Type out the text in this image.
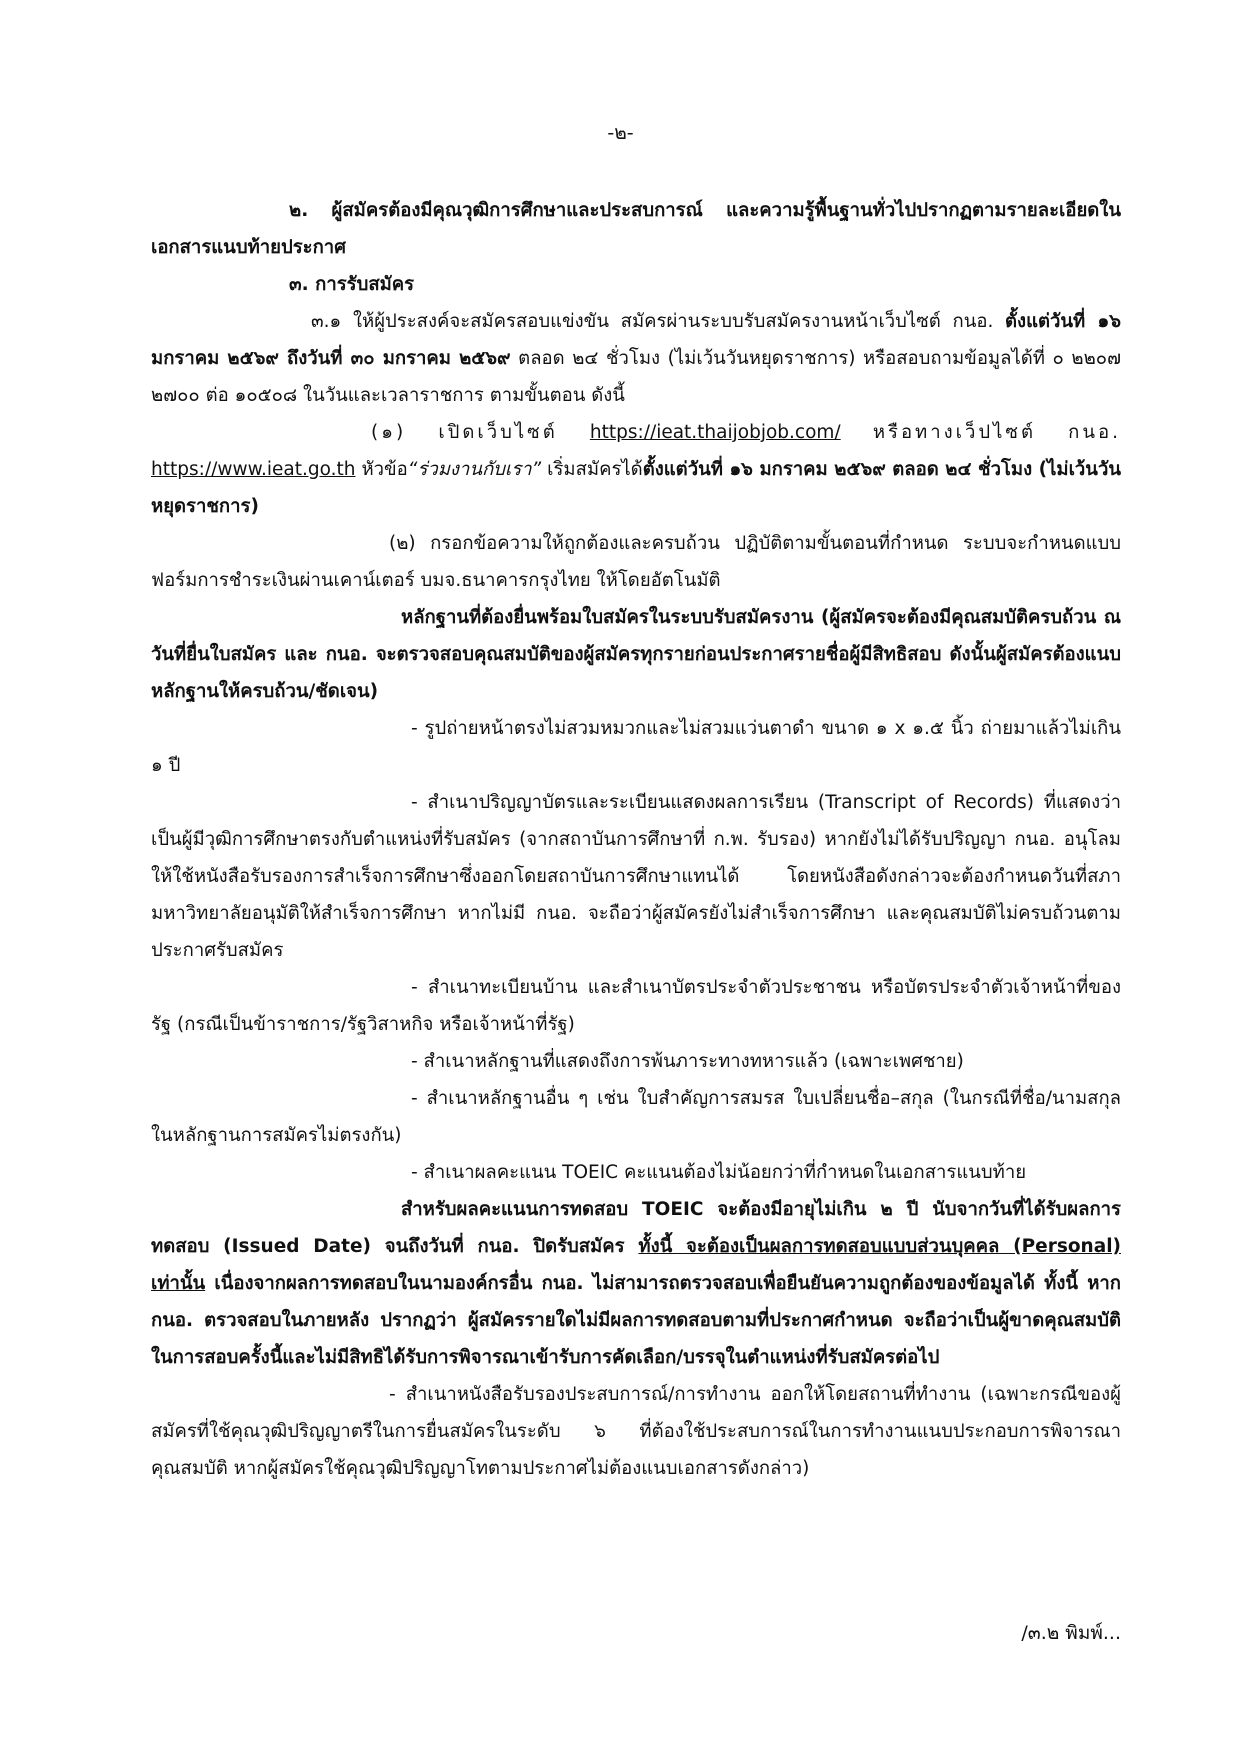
-๒-

๒. ผู้สมัครต้องมีคุณวุฒิการศึกษาและประสบการณ์ และความรู้พื้นฐานทั่วไปปรากฏตามรายละเอียดในเอกสารแนบท้ายประกาศ

๓. การรับสมัคร

๓.๑ ให้ผู้ประสงค์จะสมัครสอบแข่งขัน สมัครผ่านระบบรับสมัครงานหน้าเว็บไซต์ กนอ. ตั้งแต่วันที่ ๑๖ มกราคม ๒๕๖๙ ถึงวันที่ ๓๐ มกราคม ๒๕๖๙ ตลอด ๒๔ ชั่วโมง (ไม่เว้นวันหยุดราชการ) หรือสอบถามข้อมูลได้ที่ ๐ ๒๒๐๗ ๒๗๐๐ ต่อ ๑๐๕๐๘ ในวันและเวลาราชการ ตามขั้นตอน ดังนี้

(๑) เปิดเว็บไซต์ https://ieat.thaijobjob.com/ หรือทางเว็ปไซต์ กนอ. https://www.ieat.go.th หัวข้อ“ร่วมงานกับเรา” เริ่มสมัครได้ตั้งแต่วันที่ ๑๖ มกราคม ๒๕๖๙ ตลอด ๒๔ ชั่วโมง (ไม่เว้นวันหยุดราชการ)

(๒) กรอกข้อความให้ถูกต้องและครบถ้วน ปฏิบัติตามขั้นตอนที่กำหนด ระบบจะกำหนดแบบฟอร์มการชำระเงินผ่านเคาน์เตอร์ บมจ.ธนาคารกรุงไทย ให้โดยอัตโนมัติ

หลักฐานที่ต้องยื่นพร้อมใบสมัครในระบบรับสมัครงาน (ผู้สมัครจะต้องมีคุณสมบัติครบถ้วน ณ วันที่ยื่นใบสมัคร และ กนอ. จะตรวจสอบคุณสมบัติของผู้สมัครทุกรายก่อนประกาศรายชื่อผู้มีสิทธิสอบ ดังนั้นผู้สมัครต้องแนบหลักฐานให้ครบถ้วน/ชัดเจน)

- รูปถ่ายหน้าตรงไม่สวมหมวกและไม่สวมแว่นตาดำ ขนาด ๑ x ๑.๕ นิ้ว ถ่ายมาแล้วไม่เกิน ๑ ปี

- สำเนาปริญญาบัตรและระเบียนแสดงผลการเรียน (Transcript of Records) ที่แสดงว่าเป็นผู้มีวุฒิการศึกษาตรงกับตำแหน่งที่รับสมัคร (จากสถาบันการศึกษาที่ ก.พ. รับรอง) หากยังไม่ได้รับปริญญา กนอ. อนุโลมให้ใช้หนังสือรับรองการสำเร็จการศึกษาซึ่งออกโดยสถาบันการศึกษาแทนได้ โดยหนังสือดังกล่าวจะต้องกำหนดวันที่สภามหาวิทยาลัยอนุมัติให้สำเร็จการศึกษา หากไม่มี กนอ. จะถือว่าผู้สมัครยังไม่สำเร็จการศึกษา และคุณสมบัติไม่ครบถ้วนตามประกาศรับสมัคร

- สำเนาทะเบียนบ้าน และสำเนาบัตรประจำตัวประชาชน หรือบัตรประจำตัวเจ้าหน้าที่ของรัฐ (กรณีเป็นข้าราชการ/รัฐวิสาหกิจ หรือเจ้าหน้าที่รัฐ)

- สำเนาหลักฐานที่แสดงถึงการพ้นภาระทางทหารแล้ว (เฉพาะเพศชาย)

- สำเนาหลักฐานอื่น ๆ เช่น ใบสำคัญการสมรส ใบเปลี่ยนชื่อ–สกุล (ในกรณีที่ชื่อ/นามสกุล ในหลักฐานการสมัครไม่ตรงกัน)

- สำเนาผลคะแนน TOEIC คะแนนต้องไม่น้อยกว่าที่กำหนดในเอกสารแนบท้าย

สำหรับผลคะแนนการทดสอบ TOEIC จะต้องมีอายุไม่เกิน ๒ ปี นับจากวันที่ได้รับผลการทดสอบ (Issued Date) จนถึงวันที่ กนอ. ปิดรับสมัคร ทั้งนี้ จะต้องเป็นผลการทดสอบแบบส่วนบุคคล (Personal) เท่านั้น เนื่องจากผลการทดสอบในนามองค์กรอื่น กนอ. ไม่สามารถตรวจสอบเพื่อยืนยันความถูกต้องของข้อมูลได้ ทั้งนี้ หาก กนอ. ตรวจสอบในภายหลัง ปรากฏว่า ผู้สมัครรายใดไม่มีผลการทดสอบตามที่ประกาศกำหนด จะถือว่าเป็นผู้ขาดคุณสมบัติในการสอบครั้งนี้และไม่มีสิทธิได้รับการพิจารณาเข้ารับการคัดเลือก/บรรจุในตำแหน่งที่รับสมัครต่อไป

- สำเนาหนังสือรับรองประสบการณ์/การทำงาน ออกให้โดยสถานที่ทำงาน (เฉพาะกรณีของผู้สมัครที่ใช้คุณวุฒิปริญญาตรีในการยื่นสมัครในระดับ ๖ ที่ต้องใช้ประสบการณ์ในการทำงานแนบประกอบการพิจารณาคุณสมบัติ หากผู้สมัครใช้คุณวุฒิปริญญาโทตามประกาศไม่ต้องแนบเอกสารดังกล่าว)

/๓.๒ พิมพ์...
